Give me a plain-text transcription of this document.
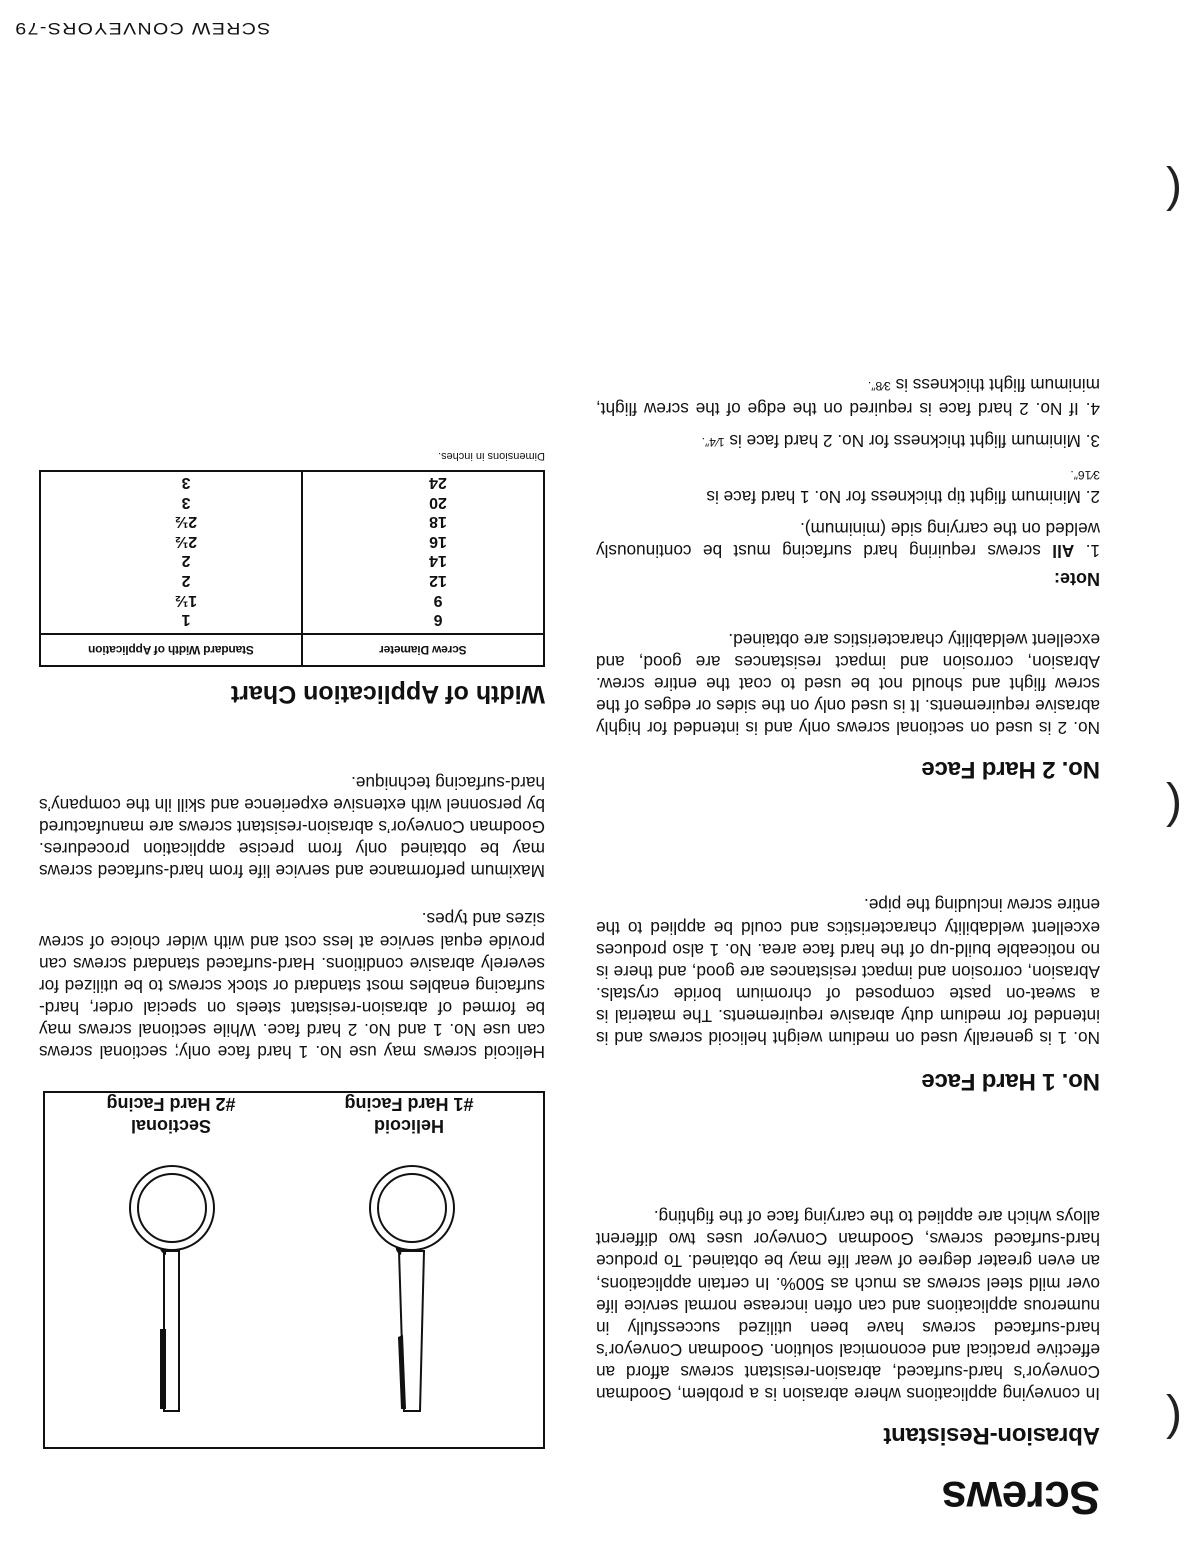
(
(
(
Screws
Abrasion-Resistant

In conveying applications where abrasion is a problem, Goodman Conveyor’s hard-surfaced, abrasion-resistant screws afford an effective practical and economical solution. Goodman Conveyor’s hard-surfaced screws have been utilized successfully in numerous applications and can often increase normal service life over mild steel screws as much as 500%. In certain applications, an even greater degree of wear life may be obtained. To produce hard-surfaced screws, Goodman Conveyor uses two different alloys which are applied to the carrying face of the fighting.

No. 1 Hard Face

No. 1 is generally used on medium weight helicoid screws and is intended for medium duty abrasive requirements. The material is a sweat-on paste composed of chromium boride crystals. Abrasion, corrosion and impact resistances are good, and there is no noticeable build-up of the hard face area. No. 1 also produces excellent weldability characteristics and could be applied to the entire screw including the pipe.

No. 2 Hard Face

No. 2 is used on sectional screws only and is intended for highly abrasive requirements. It is used only on the sides or edges of the screw flight and should not be used to coat the entire screw. Abrasion, corrosion and impact resistances are good, and excellent weldability characteristics are obtained.

Note:

1. All screws requiring hard surfacing must be continuously welded on the carrying side (minimum).

2. Minimum flight tip thickness for No. 1 hard face is
3⁄16″.

3. Minimum flight thickness for No. 2 hard face is 1⁄4″.

4. If No. 2 hard face is required on the edge of the screw flight, minimum flight thickness is 3⁄8″.

Helicoid
#1 Hard Facing
Sectional
#2 Hard Facing

Helicoid screws may use No. 1 hard face only; sectional screws can use No. 1 and No. 2 hard face. While sectional screws may be formed of abrasion-resistant steels on special order, hard-surfacing enables most standard or stock screws to be utilized for severely abrasive conditions. Hard-surfaced standard screws can provide equal service at less cost and with wider choice of screw sizes and types.

Maximum performance and service life from hard-surfaced screws may be obtained only from precise application procedures. Goodman Conveyor’s abrasion-resistant screws are manufactured by personnel with extensive experience and skill iln the company’s hard-surfacing technique.

Width of Application Chart
Screw Diameter	Standard Width of Application
6	1
9	1½
12	2
14	2
16	2½
18	2½
20	3
24	3
Dimensions in inches.
SCREW CONVEYORS-79
